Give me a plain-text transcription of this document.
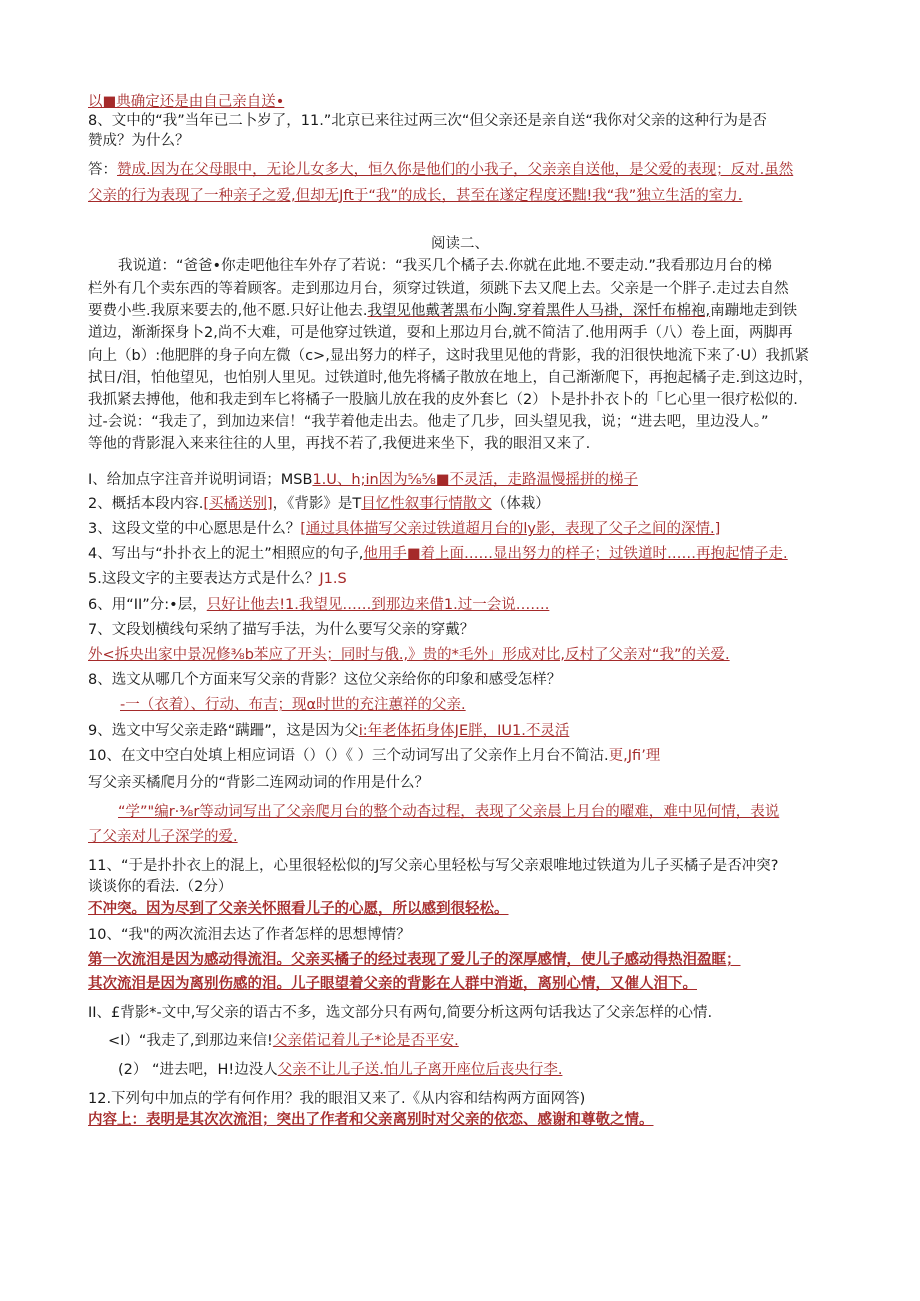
以■典确定还是由自己亲自送•
8、文中的“我”当年已二卜岁了，11.”北京已来往过两三次“但父亲还是亲自送“我你对父亲的这种行为是否
赞成？为什么？
答：赞成.因为在父母眼中，无论儿女多大，恒久你是他们的小我子，父亲亲自送他，是父爱的表现；反对.虽然
父亲的行为表现了一种亲子之爱,但却无Jft于“我”的成长，甚至在遂定程度还黜!我“我”独立生活的室力.
阅读二、
我说道：“爸爸•你走吧他往车外存了若说：“我买几个橘子去.你就在此地.不要走动.”我看那边月台的梯
栏外有几个卖东西的等着顾客。走到那边月台，须穿过铁道，须跳下去又爬上去。父亲是一个胖子.走过去自然
要费小些.我原来要去的,他不愿.只好让他去.我望见他戴著黑布小陶.穿着黑件人马褂，深忏布棉袍,南蹦地走到铁
道边，渐渐探身卜2,尚不大难，可是他穿过铁道，耍和上那边月台,就不简洁了.他用两手（八）卷上面，两脚再
向上（b）:他肥胖的身子向左微（c>,显出努力的样子，这时我里见他的背影，我的汨很快地流下来了·U）我抓紧
拭日/泪，怕他望见，也怕别人里见。过铁道时,他先将橘子散放在地上，自己渐渐爬下，再抱起橘子走.到这边时，
我抓紧去搏他，他和我走到车匕将橘子一股脑儿放在我的皮外套匕（2）卜是扑扑衣卜的「匕心里一很疗松似的.
过-会说：“我走了，到加边来信！“我芋着他走出去。他走了几步，回头望见我，说；“进去吧，里边没人。”
等他的背影混入来来往往的人里，再找不若了,我便进来坐下，我的眼泪又来了.
I、给加点字注音并说明词语；MSB1.U、h;in因为⅝⅝■不灵活，走路温慢摇拼的梯子
2、概括本段内容.[买橘送别]，《背影》是T目忆性叙事行情散文（体栽）
3、这段文堂的中心愿思是什么？[通过具体描写父亲过铁道超月台的ly影，表现了父子之间的深情.]
4、写出与“扑扑衣上的泥土”相照应的句子,他用手■着上面……显出努力的样子；过铁道时……再抱起情子走.
5.这段文字的主要表达方式是什么？J1.S
6、用“II”分:•层，只好让他去!1.我望见……到那边来借1.过一会说…….
7、文段划横线句采纳了描写手法，为什么要写父亲的穿戴？
外<拆央出家中景况修⅜b苯应了开头；同时与俄.,》贵的*毛外」形成对比,反村了父亲对“我”的关爱.
8、选文从哪几个方面来写父亲的背影？这位父亲给你的印象和感受怎样？
-一（衣着）、行动、布吉；现α时世的充注蕙祥的父亲.
9、选文中写父亲走路“蹒跚”，这是因为父i:年老体拓身体JE胖，IU1.不灵活
10、在文中空白处填上相应词语（）（）《 ）三个动词写出了父亲作上月台不简沽.更,Jfi’理
写父亲买橘爬月分的“背影二连网动词的作用是什么？
“学”"编r·⅜r等动词写出了父亲爬月台的整个动杳过程，表现了父亲晨上月台的曜难，难中见何情，表说
了父亲对儿子深学的爱.
11、“于是扑扑衣上的混上，心里很轻松似的J写父亲心里轻松与写父亲艰唯地过铁道为儿子买橘子是否冲突?
谈谈你的看法.（2分）
不冲突。因为尽到了父亲关怀照看儿子的心愿，所以感到很轻松。
10、“我"的两次流泪去达了作者怎样的思想博情？
第一次流泪是因为感动得流泪。父亲买橘子的经过表现了爱儿子的深厚感情，使儿子感动得热泪盈眶；
其次流泪是因为离别伤感的泪。儿子眼望着父亲的背影在人群中消逝，离别心情，又催人泪下。
II、£背影*-文中,写父亲的语古不多，选文部分只有两句,简要分析这两句话我达了父亲怎样的心情.
<I）“我走了,到那边来信!父亲偌记着儿子*论是否平安.
(2） “进去吧，H!边没人父亲不让儿子送.怕儿子离开座位后丧央行李.
12.下列句中加点的学有何作用？我的眼泪又来了.《从内容和结构两方面网答)
内容上：表明是其次次流泪；突出了作者和父亲离别时对父亲的依恋、感谢和尊敬之情。
